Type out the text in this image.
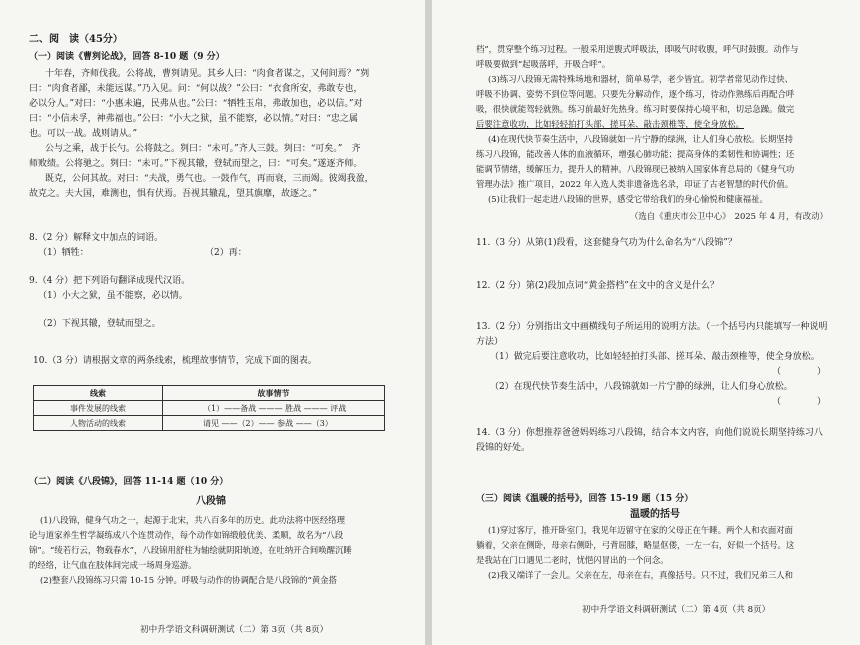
二、阅　读（45分）
（一）阅读《曹刿论战》，回答 8-10 题（9 分）
十年春，齐师伐我。公将战，曹刿请见。其乡人曰：“肉食者谋之，又何间焉？”刿
曰：“肉食者鄙，未能远谋。”乃入见。问：“何以战？”公曰：“衣食所安，弗敢专也，
必以分人。”对曰：“小惠未遍，民弗从也。”公曰：“牺牲玉帛，弗敢加也，必以信。”对
曰：“小信未孚，神弗福也。”公曰：“小大之狱，虽不能察，必以情。”对曰：“忠之属
也。可以一战。战则请从。”
公与之乘，战于长勺。公将鼓之。刿曰：“未可。”齐人三鼓。刿曰：“可矣。”　齐
师败绩。公将驰之。刿曰：“未可。”下视其辙，登轼而望之，曰：“可矣。”遂逐齐师。
既克，公问其故。对曰：“夫战，勇气也。一鼓作气，再而衰，三而竭。彼竭我盈，
故克之。夫大国，难测也，惧有伏焉。吾视其辙乱，望其旗靡，故逐之。”
8.（2 分）解释文中加点的词语。
（1）牺牲：	（2）再：
9.（4 分）把下列语句翻译成现代汉语。
（1）小大之狱，虽不能察，必以情。
（2）下视其辙，登轼而望之。
10.（3 分）请根据文章的两条线索，梳理故事情节，完成下面的图表。
线索	故事情节
事件发展的线索	（1）——备战 ——— 胜战 ——— 评战
人物活动的线索	请见 ——（2）—— 参战 ——（3）
（二）阅读《八段锦》，回答 11-14 题（10 分）
八段锦
(1)八段锦，健身气功之一，起源于北宋，共八百多年的历史。此功法将中医经络理
论与道家养生哲学凝练成八个连贯动作，每个动作如锦缎般优美、柔顺，故名为“八段
锦”。“绫若行云，物载春水”，八段锦用舒柱为轴绘就阴阳轨迹，在吐纳开合间唤醒沉睡
的经络，让气血在肢体间完成一场周身巡游。
(2)整套八段锦练习只需 10-15 分钟。呼吸与动作的协调配合是八段锦的“黄金搭
初中升学语文科调研测试（二）第 3页（共 8页）
档”，贯穿整个练习过程。一般采用逆腹式呼吸法，即吸气时收腹，呼气时鼓腹。动作与
呼吸要做到“起吸落呼，开吸合呼”。
(3)练习八段锦无需特殊场地和器材，简单易学，老少皆宜。初学者常见动作过快、
呼吸不协调、姿势不到位等问题。只要先分解动作，逐个练习，待动作熟练后再配合呼
吸，很快就能驾轻就熟。练习前最好先热身。练习时要保持心境平和，切忌急躁。做完
后要注意收功，比如轻轻拍打头部、搓耳朵、敲击颈椎等，使全身放松。
(4)在现代快节奏生活中，八段锦就如一片宁静的绿洲，让人们身心放松。长期坚持
练习八段锦，能改善人体的血液循环，增强心肺功能；提高身体的柔韧性和协调性；还
能调节情绪，缓解压力，提升人的精神。八段锦现已被纳入国家体育总局的《健身气功
管理办法》推广项目，2022 年入选人类非遗备选名录，印证了古老智慧的时代价值。
(5)让我们一起走进八段锦的世界，感受它带给我们的身心愉悦和健康福祉。
（选自《重庆市公卫中心》　2025 年 4 月，有改动）
11.（3 分）从第(1)段看，这套健身气功为什么命名为“八段锦”？
12.（2 分）第(2)段加点词“黄金搭档”在文中的含义是什么？
13.（2 分）分别指出文中画横线句子所运用的说明方法。（一个括号内只能填写一种说明
方法）
（1）做完后要注意收功，比如轻轻拍打头部、搓耳朵、敲击颈椎等，使全身放松。
（　　　　）
（2）在现代快节奏生活中，八段锦就如一片宁静的绿洲，让人们身心放松。
（　　　　）
14.（3 分）你想推荐爸爸妈妈练习八段锦，结合本文内容，向他们说说长期坚持练习八
段锦的好处。
（三）阅读《温暖的括号》，回答 15-19 题（15 分）
温暖的括号
(1)穿过客厅，推开卧室门，我见年迈留守在家的父母正在午睡。两个人和衣面对面
躺着，父亲在侧卧，母亲右侧卧，弓背屈膝，略显伛偻，一左一右，好似一个括号。这
是我站在门口遇见二老时，忧悒闪冒出的一个问念。
(2)我又端详了一会儿。父亲在左，母亲在右，真像括号。只不过，我们兄弟三人和
初中升学语文科调研测试（二）第 4页（共 8页）
